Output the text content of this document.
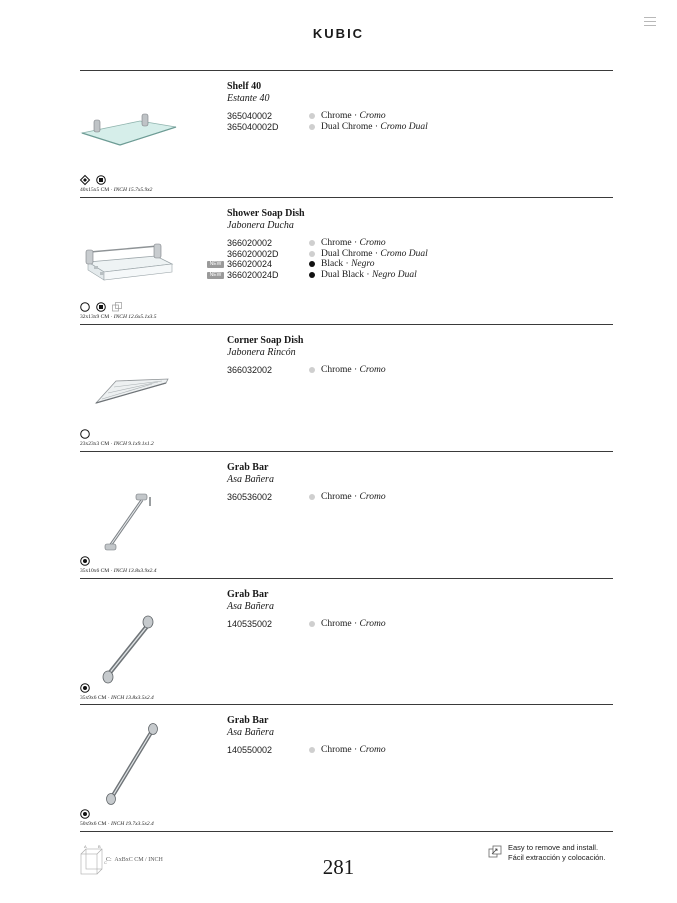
KUBIC
Shelf 40
Estante 40
365040002	Chrome · Cromo
365040002D	Dual Chrome · Cromo Dual

40x15x5 CM · INCH 15.7x5.9x2
Shower Soap Dish
Jabonera Ducha
366020002	Chrome · Cromo
366020002D	Dual Chrome · Cromo Dual
NEW 366020024	Black · Negro
NEW 366020024D	Dual Black · Negro Dual

32x13x9 CM · INCH 12.6x5.1x3.5
Corner Soap Dish
Jabonera Rincón
366032002	Chrome · Cromo
23x23x3 CM · INCH 9.1x9.1x1.2
Grab Bar
Asa Bañera
360536002	Chrome · Cromo
35x10x6 CM · INCH 13.8x3.9x2.4
Grab Bar
Asa Bañera
140535002	Chrome · Cromo
35x9x6 CM · INCH 13.8x3.5x2.4
Grab Bar
Asa Bañera
140550002	Chrome · Cromo
50x9x6 CM · INCH 19.7x3.5x2.4
A	B
C C:  AxBxC CM / INCH	281
Easy to remove and install.
Fácil extracción y colocación.
